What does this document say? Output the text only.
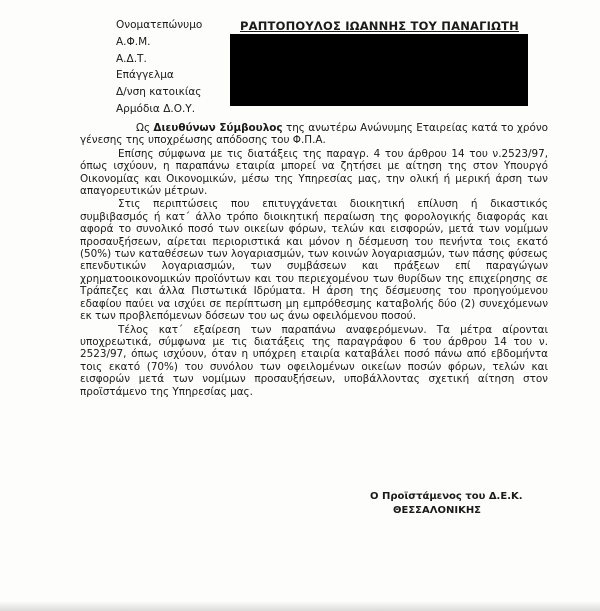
Ονοματεπώνυμο
Α.Φ.Μ.
Α.Δ.Τ.
Επάγγελμα
Δ/νση κατοικίας
Αρμόδια Δ.Ο.Υ.
ΡΑΠΤΟΠΟΥΛΟΣ ΙΩΑΝΝΗΣ ΤΟΥ ΠΑΝΑΓΙΩΤΗ

Ως Διευθύνων Σύμβουλος της ανωτέρω Ανώνυμης Εταιρείας κατά το χρόνο γένεσης της υποχρέωσης απόδοσης του Φ.Π.Α.

Επίσης σύμφωνα με τις διατάξεις της παραγρ. 4 του άρθρου 14 του ν.2523/97, όπως ισχύουν, η παραπάνω εταιρία μπορεί να ζητήσει με αίτηση της στον Υπουργό Οικονομίας και Οικονομικών, μέσω της Υπηρεσίας μας, την ολική ή μερική άρση των απαγορευτικών μέτρων.

Στις περιπτώσεις που επιτυγχάνεται διοικητική επίλυση ή δικαστικός συμβιβασμός ή κατ΄ άλλο τρόπο διοικητική περαίωση της φορολογικής διαφοράς και αφορά το συνολικό ποσό των οικείων φόρων, τελών και εισφορών, μετά των νομίμων προσαυξήσεων, αίρεται περιοριστικά και μόνον η δέσμευση του πενήντα τοις εκατό (50%) των καταθέσεων των λογαριασμών, των κοινών λογαριασμών, των πάσης φύσεως επενδυτικών λογαριασμών, των συμβάσεων και πράξεων επί παραγώγων χρηματοοικονομικών προϊόντων και του περιεχομένου των θυρίδων της επιχείρησης σε Τράπεζες και άλλα Πιστωτικά Ιδρύματα. Η άρση της δέσμευσης του προηγούμενου εδαφίου παύει να ισχύει σε περίπτωση μη εμπρόθεσμης καταβολής δύο (2) συνεχόμενων εκ των προβλεπόμενων δόσεων του ως άνω οφειλόμενου ποσού.

Τέλος κατ΄ εξαίρεση των παραπάνω αναφερόμενων. Τα μέτρα αίρονται υποχρεωτικά, σύμφωνα με τις διατάξεις της παραγράφου 6 του άρθρου 14 του ν. 2523/97, όπως ισχύουν, όταν η υπόχρεη εταιρία καταβάλει ποσό πάνω από εβδομήντα τοις εκατό (70%) του συνόλου των οφειλομένων οικείων ποσών φόρων, τελών και εισφορών μετά των νομίμων προσαυξήσεων, υποβάλλοντας σχετική αίτηση στον προϊστάμενο της Υπηρεσίας μας.

Ο Προϊστάμενος του Δ.Ε.Κ.
ΘΕΣΣΑΛΟΝΙΚΗΣ
